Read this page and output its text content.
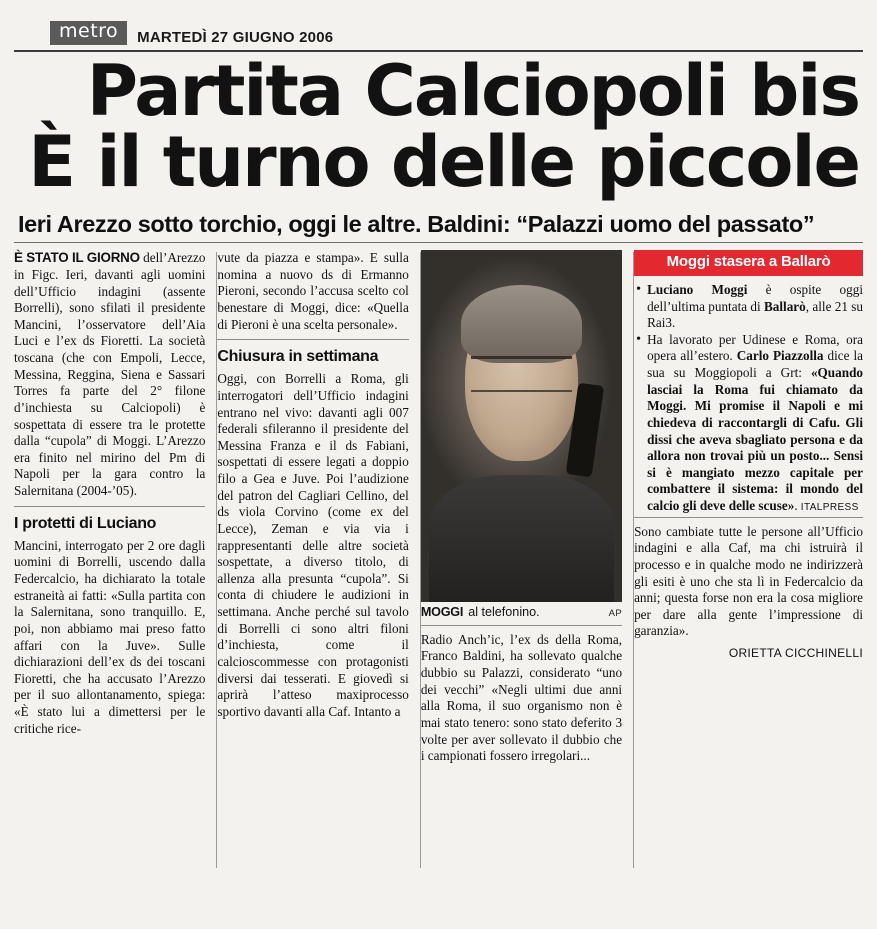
metro	MARTEDÌ 27 GIUGNO 2006
Partita Calciopoli bis
È il turno delle piccole
Ieri Arezzo sotto torchio, oggi le altre. Baldini: “Palazzi uomo del passato”

È STATO IL GIORNO dell’Arezzo in Figc. Ieri, davanti agli uomini dell’Ufficio indagini (assente Borrelli), sono sfilati il presidente Mancini, l’osservatore dell’Aia Luci e l’ex ds Fioretti. La società toscana (che con Empoli, Lecce, Messina, Reggina, Siena e Sassari Torres fa parte del 2° filone d’inchiesta su Calciopoli) è sospettata di essere tra le protette dalla “cupola” di Moggi. L’Arezzo era finito nel mirino del Pm di Napoli per la gara contro la Salernitana (2004-’05).

I protetti di Luciano

Mancini, interrogato per 2 ore dagli uomini di Borrelli, uscendo dalla Federcalcio, ha dichiarato la totale estraneità ai fatti: «Sulla partita con la Salernitana, sono tranquillo. E, poi, non abbiamo mai preso fatto affari con la Juve». Sulle dichiarazioni dell’ex ds dei toscani Fioretti, che ha accusato l’Arezzo per il suo allontanamento, spiega: «È stato lui a dimettersi per le critiche rice-

vute da piazza e stampa». E sulla nomina a nuovo ds di Ermanno Pieroni, secondo l’accusa scelto col benestare di Moggi, dice: «Quella di Pieroni è una scelta personale».

Chiusura in settimana

Oggi, con Borrelli a Roma, gli interrogatori dell’Ufficio indagini entrano nel vivo: davanti agli 007 federali sfileranno il presidente del Messina Franza e il ds Fabiani, sospettati di essere legati a doppio filo a Gea e Juve. Poi l’audizione del patron del Cagliari Cellino, del ds viola Corvino (come ex del Lecce), Zeman e via via i rappresentanti delle altre società sospettate, a diverso titolo, di allenza alla presunta “cupola”. Si conta di chiudere le audizioni in settimana. Anche perché sul tavolo di Borrelli ci sono altri filoni d’inchiesta, come il calcioscommesse con protagonisti diversi dai tesserati. E giovedì si aprirà l’atteso maxiprocesso sportivo davanti alla Caf. Intanto a

MOGGI al telefonino.	AP

Radio Anch’ic, l’ex ds della Roma, Franco Baldini, ha sollevato qualche dubbio su Palazzi, considerato “uno dei vecchi” «Negli ultimi due anni alla Roma, il suo organismo non è mai stato tenero: sono stato deferito 3 volte per aver sollevato il dubbio che i campionati fossero irregolari...

Moggi stasera a Ballarò
• Luciano Moggi è ospite oggi dell’ultima puntata di Ballarò, alle 21 su Rai3.
• Ha lavorato per Udinese e Roma, ora opera all’estero. Carlo Piazzolla dice la sua su Moggiopoli a Grt: «Quando lasciai la Roma fui chiamato da Moggi. Mi promise il Napoli e mi chiedeva di raccontargli di Cafu. Gli dissi che aveva sbagliato persona e da allora non trovai più un posto... Sensi si è mangiato mezzo capitale per combattere il sistema: il mondo del calcio gli deve delle scuse». ITALPRESS

Sono cambiate tutte le persone all’Ufficio indagini e alla Caf, ma chi istruirà il processo e in qualche modo ne indirizzerà gli esiti è uno che sta lì in Federcalcio da anni; questa forse non era la cosa migliore per dare alla gente l’impressione di garanzia».

ORIETTA CICCHINELLI
